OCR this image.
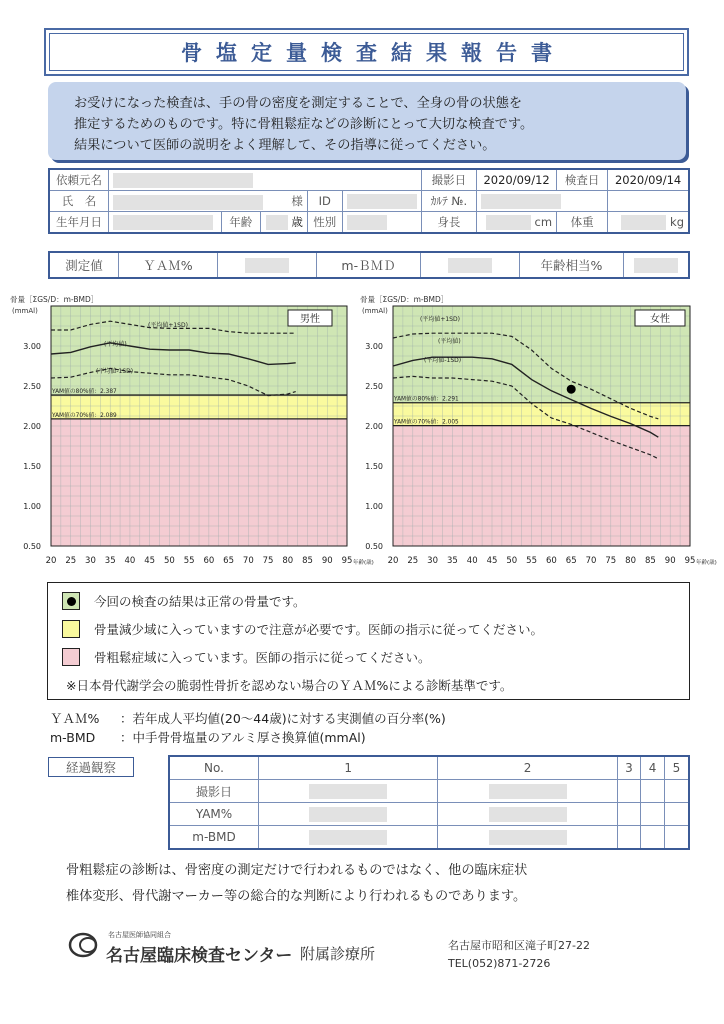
骨塩定量検査結果報告書
お受けになった検査は、手の骨の密度を測定することで、全身の骨の状態を
推定するためのものです。特に骨粗鬆症などの診断にとって大切な検査です。
結果について医師の説明をよく理解して、その指導に従ってください。
依頼元名						撮影日	2020/09/12	検査日	2020/09/14
氏　名	様			ID		ｶﾙﾃ №.			
生年月日		年齢	歳	性別		身長	cm	体重	kg
測定値	ＹＡＭ%		m-ＢＭＤ		年齢相当%	
骨量［ΣGS/D：m-BMD］
(mmAl)
YAM値の80%値：2.387
YAM値の70%値：2.089
(平均値+1SD)
(平均値)
(平均値-1SD)
男性
0.50
1.00
1.50
2.00
2.50
3.00
20 25 30 35 40 45 50 55 60 65 70 75 80 85 90 95 年齢(歳)
骨量［ΣGS/D：m-BMD］
(mmAl)
YAM値の80%値：2.291
YAM値の70%値：2.005
(平均値+1SD)
(平均値)
(平均値-1SD)
女性
0.50
1.00
1.50
2.00
2.50
3.00
20 25 30 35 40 45 50 55 60 65 70 75 80 85 90 95 年齢(歳)
今回の検査の結果は正常の骨量です。
骨量減少域に入っていますので注意が必要です。医師の指示に従ってください。
骨粗鬆症域に入っています。医師の指示に従ってください。
※日本骨代謝学会の脆弱性骨折を認めない場合のＹＡＭ%による診断基準です。
ＹＡＭ% ：若年成人平均値(20～44歳)に対する実測値の百分率(%)
m-BMD ：中手骨骨塩量のアルミ厚さ換算値(mmAl)
経過観察	No.	1	2	3	4	5
撮影日					
YAM%					
m-BMD					
骨粗鬆症の診断は、骨密度の測定だけで行われるものではなく、他の臨床症状
椎体変形、骨代謝マーカー等の総合的な判断により行われるものであります。
名古屋医師協同組合
名古屋臨床検査センター 附属診療所	名古屋市昭和区滝子町27-22
TEL(052)871-2726
